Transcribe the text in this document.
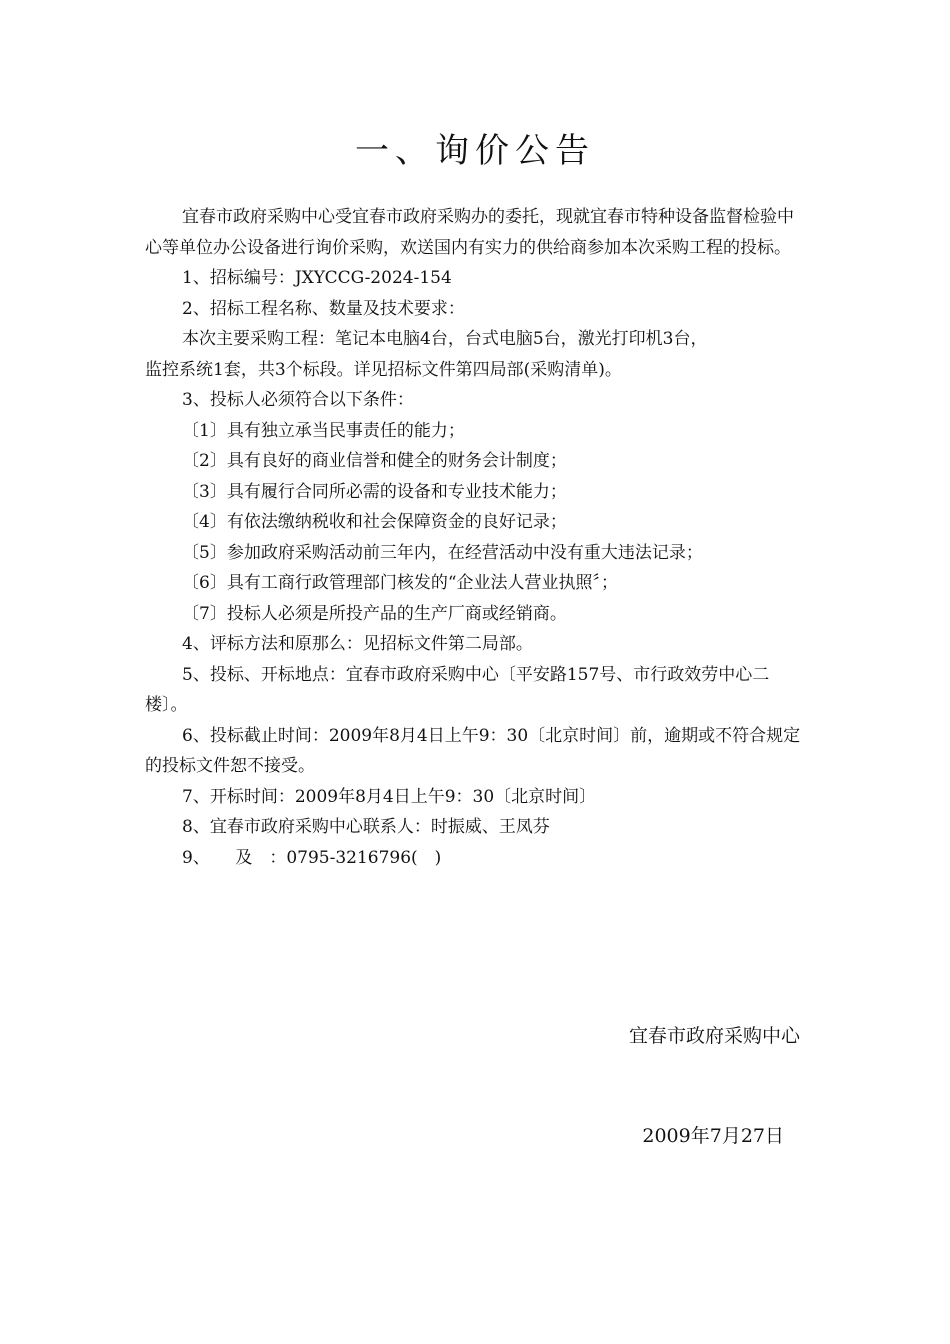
一、询价公告

宜春市政府采购中心受宜春市政府采购办的委托，现就宜春市特种设备监督检验中心等单位办公设备进行询价采购，欢送国内有实力的供给商参加本次采购工程的投标。

1、招标编号：JXYCCG-2024-154

2、招标工程名称、数量及技术要求：

本次主要采购工程：笔记本电脑4台，台式电脑5台，激光打印机3台，

监控系统1套，共3个标段。详见招标文件第四局部(采购清单)。

3、投标人必须符合以下条件：

〔1〕具有独立承当民事责任的能力；

〔2〕具有良好的商业信誉和健全的财务会计制度；

〔3〕具有履行合同所必需的设备和专业技术能力；

〔4〕有依法缴纳税收和社会保障资金的良好记录；

〔5〕参加政府采购活动前三年内，在经营活动中没有重大违法记录；

〔6〕具有工商行政管理部门核发的“企业法人营业执照〞；

〔7〕投标人必须是所投产品的生产厂商或经销商。

4、评标方法和原那么：见招标文件第二局部。

5、投标、开标地点：宜春市政府采购中心〔平安路157号、市行政效劳中心二楼〕。

6、投标截止时间：2009年8月4日上午9：30〔北京时间〕前，逾期或不符合规定的投标文件恕不接受。

7、开标时间：2009年8月4日上午9：30〔北京时间〕

8、宜春市政府采购中心联系人：时振威、王凤芬

9、　　及　：0795-3216796(　)

宜春市政府采购中心
2009年7月27日
